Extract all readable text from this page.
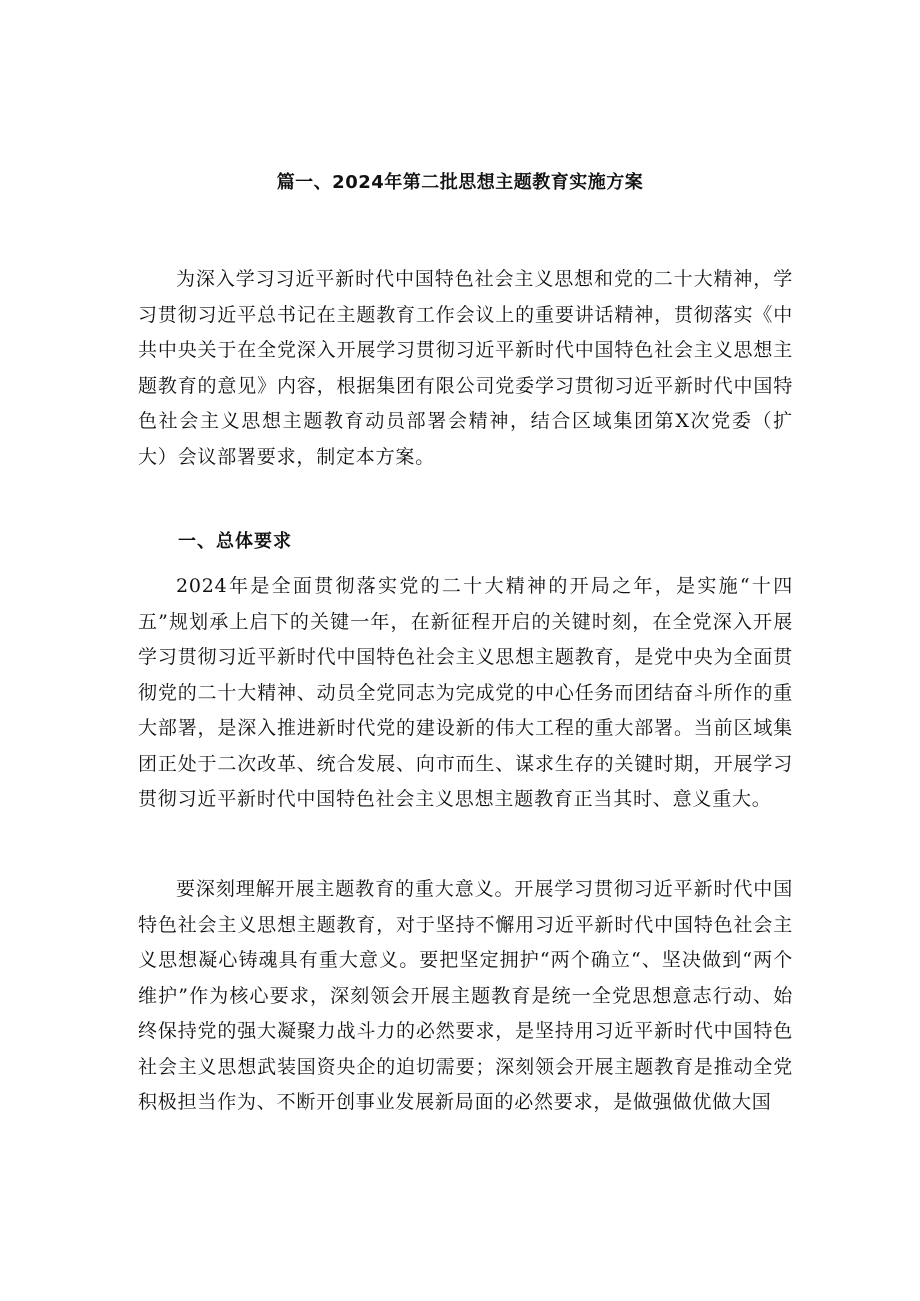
篇一、2024年第二批思想主题教育实施方案

为深入学习习近平新时代中国特色社会主义思想和党的二十大精神，学习贯彻习近平总书记在主题教育工作会议上的重要讲话精神，贯彻落实《中共中央关于在全党深入开展学习贯彻习近平新时代中国特色社会主义思想主题教育的意见》内容，根据集团有限公司党委学习贯彻习近平新时代中国特色社会主义思想主题教育动员部署会精神，结合区域集团第X次党委（扩大）会议部署要求，制定本方案。

一、总体要求

2024年是全面贯彻落实党的二十大精神的开局之年，是实施“十四五”规划承上启下的关键一年，在新征程开启的关键时刻，在全党深入开展学习贯彻习近平新时代中国特色社会主义思想主题教育，是党中央为全面贯彻党的二十大精神、动员全党同志为完成党的中心任务而团结奋斗所作的重大部署，是深入推进新时代党的建设新的伟大工程的重大部署。当前区域集团正处于二次改革、统合发展、向市而生、谋求生存的关键时期，开展学习贯彻习近平新时代中国特色社会主义思想主题教育正当其时、意义重大。

要深刻理解开展主题教育的重大意义。开展学习贯彻习近平新时代中国特色社会主义思想主题教育，对于坚持不懈用习近平新时代中国特色社会主义思想凝心铸魂具有重大意义。要把坚定拥护“两个确立“、坚决做到“两个维护”作为核心要求，深刻领会开展主题教育是统一全党思想意志行动、始终保持党的强大凝聚力战斗力的必然要求，是坚持用习近平新时代中国特色社会主义思想武装国资央企的迫切需要；深刻领会开展主题教育是推动全党积极担当作为、不断开创事业发展新局面的必然要求，是做强做优做大国
